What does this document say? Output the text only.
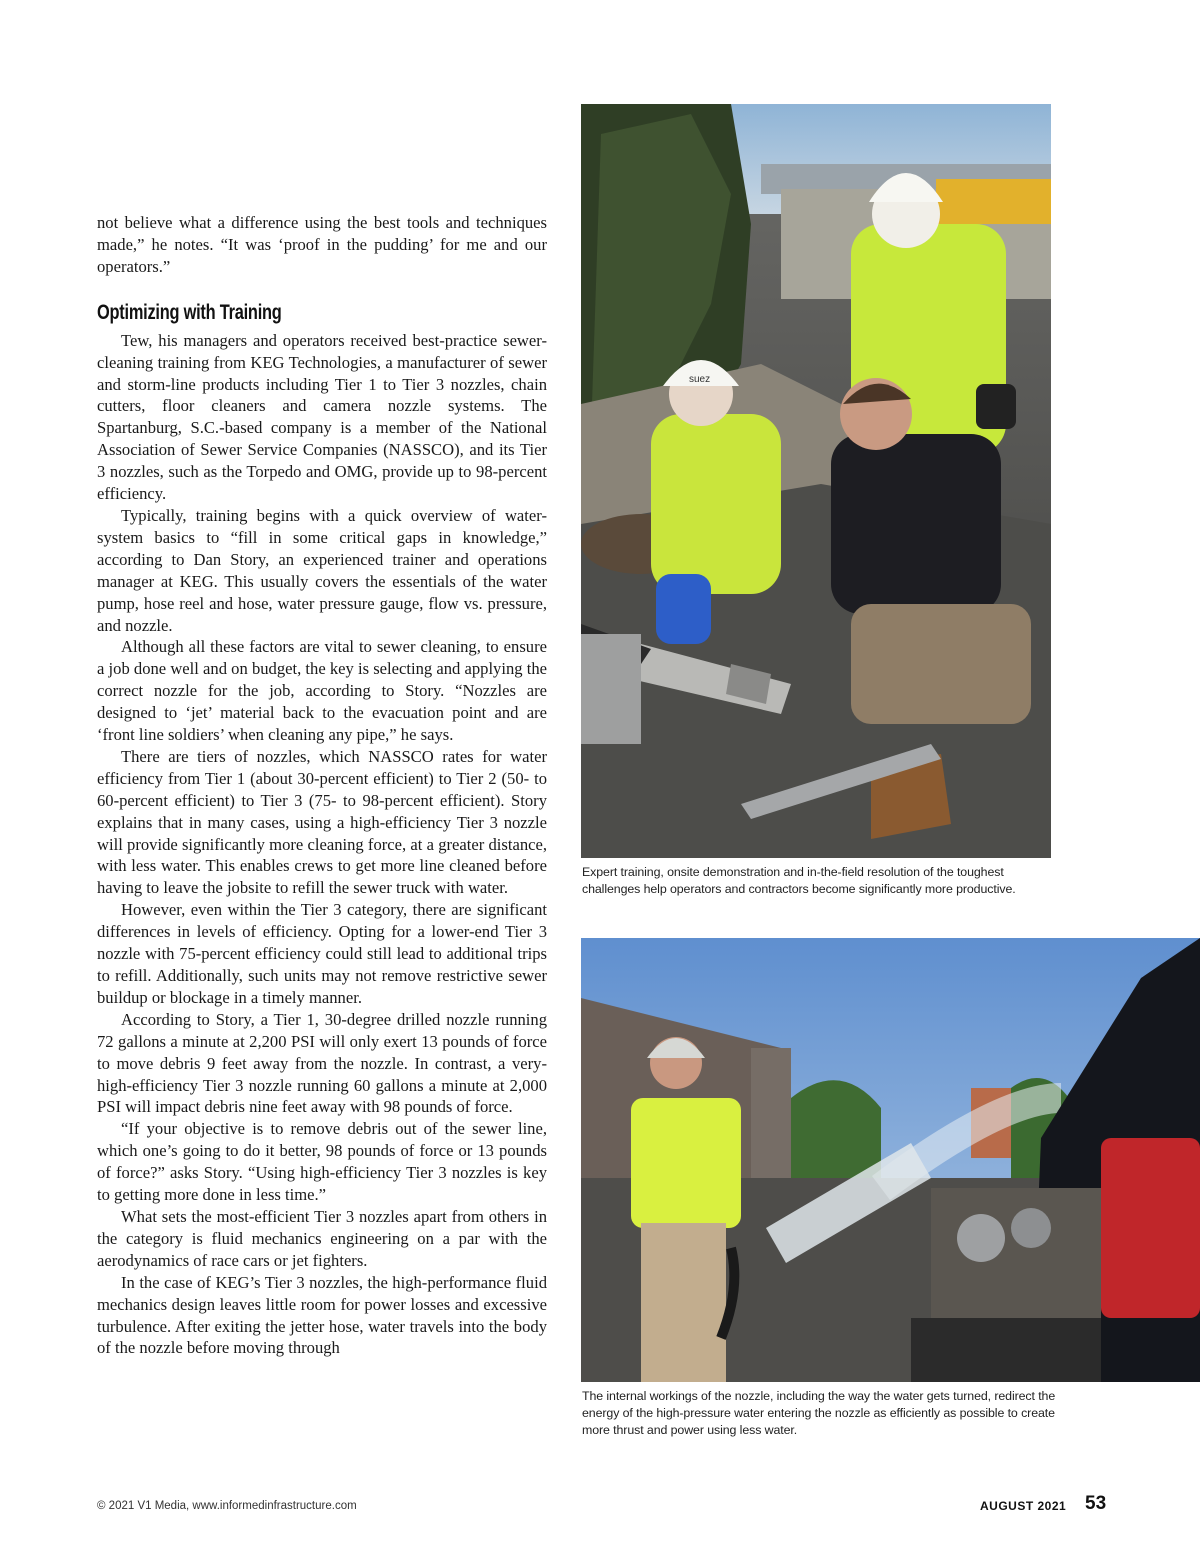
not believe what a difference using the best tools and techniques made,” he notes. “It was ‘proof in the pudding’ for me and our operators.”

Optimizing with Training

Tew, his managers and operators received best-practice sewer-cleaning training from KEG Technologies, a manufacturer of sewer and storm-line products including Tier 1 to Tier 3 nozzles, chain cutters, floor cleaners and camera nozzle systems. The Spartanburg, S.C.-based company is a member of the National Association of Sewer Service Companies (NASSCO), and its Tier 3 nozzles, such as the Torpedo and OMG, provide up to 98-percent efficiency.

Typically, training begins with a quick overview of water-system basics to “fill in some critical gaps in knowledge,” according to Dan Story, an experienced trainer and operations manager at KEG. This usually covers the essentials of the water pump, hose reel and hose, water pressure gauge, flow vs. pressure, and nozzle.

Although all these factors are vital to sewer cleaning, to ensure a job done well and on budget, the key is selecting and applying the correct nozzle for the job, according to Story. “Nozzles are designed to ‘jet’ material back to the evacuation point and are ‘front line soldiers’ when cleaning any pipe,” he says.

There are tiers of nozzles, which NASSCO rates for water efficiency from Tier 1 (about 30-percent efficient) to Tier 2 (50- to 60-percent efficient) to Tier 3 (75- to 98-percent efficient). Story explains that in many cases, using a high-efficiency Tier 3 nozzle will provide significantly more cleaning force, at a greater distance, with less water. This enables crews to get more line cleaned before having to leave the jobsite to refill the sewer truck with water.

However, even within the Tier 3 category, there are significant differences in levels of efficiency. Opting for a lower-end Tier 3 nozzle with 75-percent efficiency could still lead to additional trips to refill. Additionally, such units may not remove restrictive sewer buildup or blockage in a timely manner.

According to Story, a Tier 1, 30-degree drilled nozzle running 72 gallons a minute at 2,200 PSI will only exert 13 pounds of force to move debris 9 feet away from the nozzle. In contrast, a very-high-efficiency Tier 3 nozzle running 60 gallons a minute at 2,000 PSI will impact debris nine feet away with 98 pounds of force.

“If your objective is to remove debris out of the sewer line, which one’s going to do it better, 98 pounds of force or 13 pounds of force?” asks Story. “Using high-efficiency Tier 3 nozzles is key to getting more done in less time.”

What sets the most-efficient Tier 3 nozzles apart from others in the category is fluid mechanics engineering on a par with the aerodynamics of race cars or jet fighters.

In the case of KEG’s Tier 3 nozzles, the high-performance fluid mechanics design leaves little room for power losses and excessive turbulence. After exiting the jetter hose, water travels into the body of the nozzle before moving through

suez
Expert training, onsite demonstration and in-the-field resolution of the toughest challenges help operators and contractors become significantly more productive.
The internal workings of the nozzle, including the way the water gets turned, redirect the energy of the high-pressure water entering the nozzle as efficiently as possible to create more thrust and power using less water.
© 2021 V1 Media, www.informedinfrastructure.com	AUGUST 2021 53
